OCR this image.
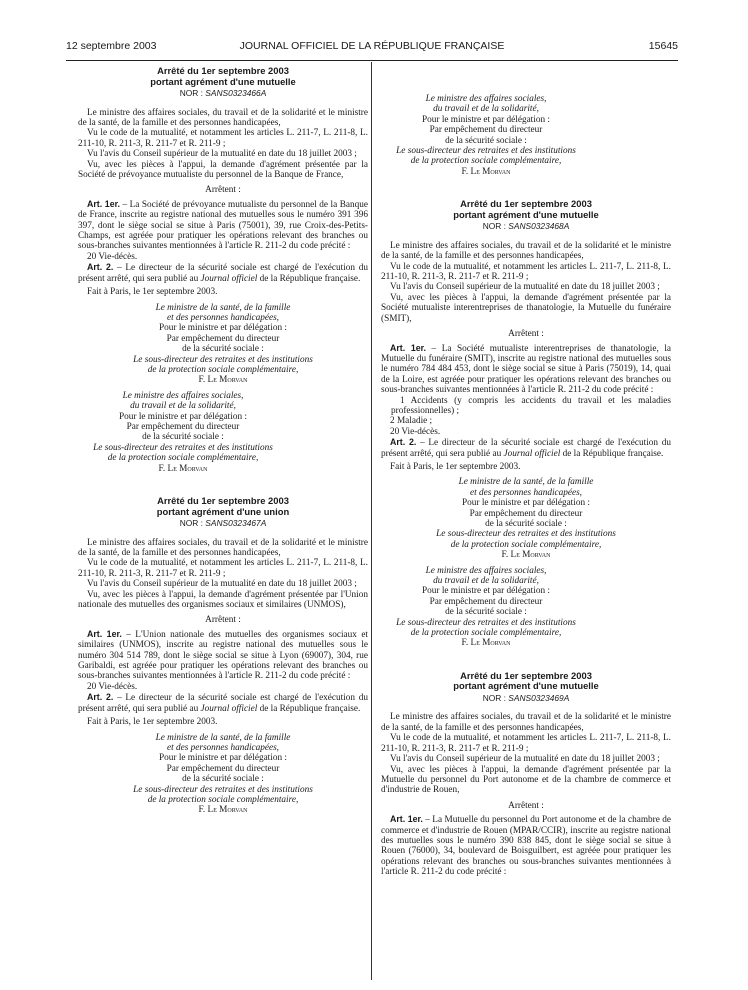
12 septembre 2003	JOURNAL OFFICIEL DE LA RÉPUBLIQUE FRANÇAISE	15645
Arrêté du 1er septembre 2003
portant agrément d'une mutuelle
NOR : SANS0323466A

Le ministre des affaires sociales, du travail et de la solidarité et le ministre de la santé, de la famille et des personnes handicapées,

Vu le code de la mutualité, et notamment les articles L. 211-7, L. 211-8, L. 211-10, R. 211-3, R. 211-7 et R. 211-9 ;

Vu l'avis du Conseil supérieur de la mutualité en date du 18 juillet 2003 ;

Vu, avec les pièces à l'appui, la demande d'agrément présentée par la Société de prévoyance mutualiste du personnel de la Banque de France,

Arrêtent :

Art. 1er. – La Société de prévoyance mutualiste du personnel de la Banque de France, inscrite au registre national des mutuelles sous le numéro 391 396 397, dont le siège social se situe à Paris (75001), 39, rue Croix-des-Petits-Champs, est agréée pour pratiquer les opérations relevant des branches ou sous-branches suivantes mentionnées à l'article R. 211-2 du code précité :

20 Vie-décès.

Art. 2. – Le directeur de la sécurité sociale est chargé de l'exécution du présent arrêté, qui sera publié au Journal officiel de la République française.

Fait à Paris, le 1er septembre 2003.

Le ministre de la santé, de la famille
et des personnes handicapées,
Pour le ministre et par délégation :
Par empêchement du directeur
de la sécurité sociale :
Le sous-directeur des retraites et des institutions
de la protection sociale complémentaire,
F. Le Morvan
Le ministre des affaires sociales,
du travail et de la solidarité,
Pour le ministre et par délégation :
Par empêchement du directeur
de la sécurité sociale :
Le sous-directeur des retraites et des institutions
de la protection sociale complémentaire,
F. Le Morvan
Arrêté du 1er septembre 2003
portant agrément d'une union
NOR : SANS0323467A

Le ministre des affaires sociales, du travail et de la solidarité et le ministre de la santé, de la famille et des personnes handicapées,

Vu le code de la mutualité, et notamment les articles L. 211-7, L. 211-8, L. 211-10, R. 211-3, R. 211-7 et R. 211-9 ;

Vu l'avis du Conseil supérieur de la mutualité en date du 18 juillet 2003 ;

Vu, avec les pièces à l'appui, la demande d'agrément présentée par l'Union nationale des mutuelles des organismes sociaux et similaires (UNMOS),

Arrêtent :

Art. 1er. – L'Union nationale des mutuelles des organismes sociaux et similaires (UNMOS), inscrite au registre national des mutuelles sous le numéro 304 514 789, dont le siège social se situe à Lyon (69007), 304, rue Garibaldi, est agréée pour pratiquer les opérations relevant des branches ou sous-branches suivantes mentionnées à l'article R. 211-2 du code précité :

20 Vie-décès.

Art. 2. – Le directeur de la sécurité sociale est chargé de l'exécution du présent arrêté, qui sera publié au Journal officiel de la République française.

Fait à Paris, le 1er septembre 2003.

Le ministre de la santé, de la famille
et des personnes handicapées,
Pour le ministre et par délégation :
Par empêchement du directeur
de la sécurité sociale :
Le sous-directeur des retraites et des institutions
de la protection sociale complémentaire,
F. Le Morvan
Le ministre des affaires sociales,
du travail et de la solidarité,
Pour le ministre et par délégation :
Par empêchement du directeur
de la sécurité sociale :
Le sous-directeur des retraites et des institutions
de la protection sociale complémentaire,
F. Le Morvan
Arrêté du 1er septembre 2003
portant agrément d'une mutuelle
NOR : SANS0323468A

Le ministre des affaires sociales, du travail et de la solidarité et le ministre de la santé, de la famille et des personnes handicapées,

Vu le code de la mutualité, et notamment les articles L. 211-7, L. 211-8, L. 211-10, R. 211-3, R. 211-7 et R. 211-9 ;

Vu l'avis du Conseil supérieur de la mutualité en date du 18 juillet 2003 ;

Vu, avec les pièces à l'appui, la demande d'agrément présentée par la Société mutualiste interentreprises de thanatologie, la Mutuelle du funéraire (SMIT),

Arrêtent :

Art. 1er. – La Société mutualiste interentreprises de thanatologie, la Mutuelle du funéraire (SMIT), inscrite au registre national des mutuelles sous le numéro 784 484 453, dont le siège social se situe à Paris (75019), 14, quai de la Loire, est agréée pour pratiquer les opérations relevant des branches ou sous-branches suivantes mentionnées à l'article R. 211-2 du code précité :

1 Accidents (y compris les accidents du travail et les maladies professionnelles) ;

2 Maladie ;

20 Vie-décès.

Art. 2. – Le directeur de la sécurité sociale est chargé de l'exécution du présent arrêté, qui sera publié au Journal officiel de la République française.

Fait à Paris, le 1er septembre 2003.

Le ministre de la santé, de la famille
et des personnes handicapées,
Pour le ministre et par délégation :
Par empêchement du directeur
de la sécurité sociale :
Le sous-directeur des retraites et des institutions
de la protection sociale complémentaire,
F. Le Morvan
Le ministre des affaires sociales,
du travail et de la solidarité,
Pour le ministre et par délégation :
Par empêchement du directeur
de la sécurité sociale :
Le sous-directeur des retraites et des institutions
de la protection sociale complémentaire,
F. Le Morvan
Arrêté du 1er septembre 2003
portant agrément d'une mutuelle
NOR : SANS0323469A

Le ministre des affaires sociales, du travail et de la solidarité et le ministre de la santé, de la famille et des personnes handicapées,

Vu le code de la mutualité, et notamment les articles L. 211-7, L. 211-8, L. 211-10, R. 211-3, R. 211-7 et R. 211-9 ;

Vu l'avis du Conseil supérieur de la mutualité en date du 18 juillet 2003 ;

Vu, avec les pièces à l'appui, la demande d'agrément présentée par la Mutuelle du personnel du Port autonome et de la chambre de commerce et d'industrie de Rouen,

Arrêtent :

Art. 1er. – La Mutuelle du personnel du Port autonome et de la chambre de commerce et d'industrie de Rouen (MPAR/CCIR), inscrite au registre national des mutuelles sous le numéro 390 838 845, dont le siège social se situe à Rouen (76000), 34, boulevard de Boisguilbert, est agréée pour pratiquer les opérations relevant des branches ou sous-branches suivantes mentionnées à l'article R. 211-2 du code précité :
